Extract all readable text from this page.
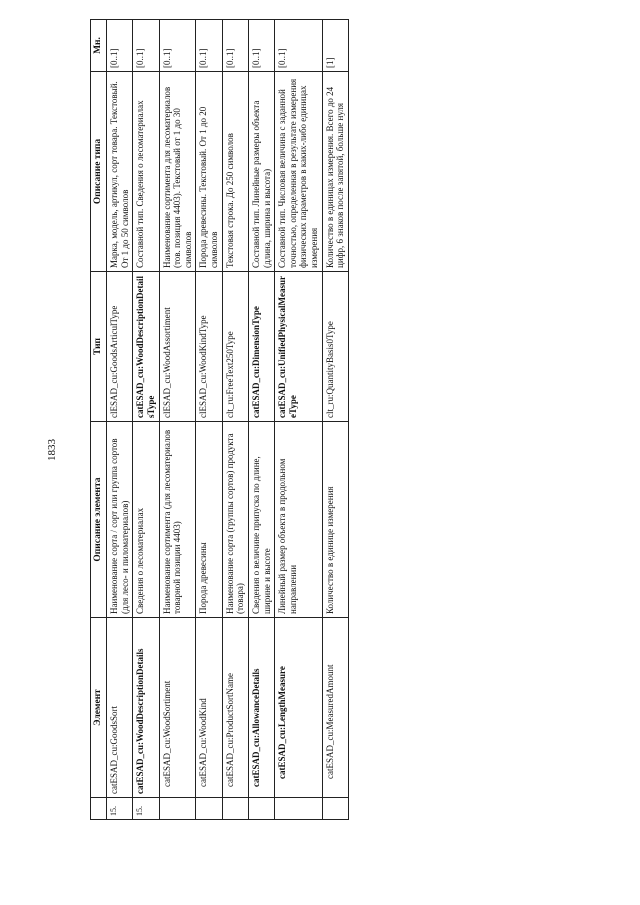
1833
	Элемент	Описание элемента	Тип	Описание типа	Мн.
15.	catESAD_cu:GoodsSort	Наименование сорта / сорт или группа сортов (для лесо- и пиломатериалов)	clESAD_cu:GoodsArticulType	Марка, модель, артикул, сорт товара. Текстовый. От 1 до 50 символов	[0..1]
15.	catESAD_cu:WoodDescriptionDetails	Сведения о лесоматериалах	catESAD_cu:WoodDescriptionDetailsType	Составной тип. Сведения о лесоматериалах	[0..1]
	catESAD_cu:WoodSortiment	Наименование сортимента (для лесоматериалов товарной позиции 4403)	clESAD_cu:WoodAssortiment	Наименование сортимента для лесоматериалов (тов. позиция 4403). Текстовый от 1 до 30 символов	[0..1]
	catESAD_cu:WoodKind	Порода древесины	clESAD_cu:WoodKindType	Порода древесины. Текстовый. От 1 до 20 символов	[0..1]
	catESAD_cu:ProductSortName	Наименование сорта (группы сортов) продукта (товара)	clt_ru:FreeText250Type	Текстовая строка. До 250 символов	[0..1]
	catESAD_cu:AllowanceDetails	Сведения о величине припуска по длине, ширине и высоте	catESAD_cu:DimensionType	Составной тип. Линейные размеры объекта (длина, ширина и высота)	[0..1]
	catESAD_cu:LengthMeasure	Линейный размер объекта в продольном направлении	catESAD_cu:UnifiedPhysicalMeasureType	Составной тип. Числовая величина с заданной точностью, определенная в результате измерения физических параметров в каких-либо единицах измерения	[0..1]
	catESAD_cu:MeasuredAmount	Количество в единице измерения	clt_ru:QuantityBasis0Type	Количество в единицах измерения. Всего до 24 цифр, 6 знаков после запятой, больше нуля	[1]
